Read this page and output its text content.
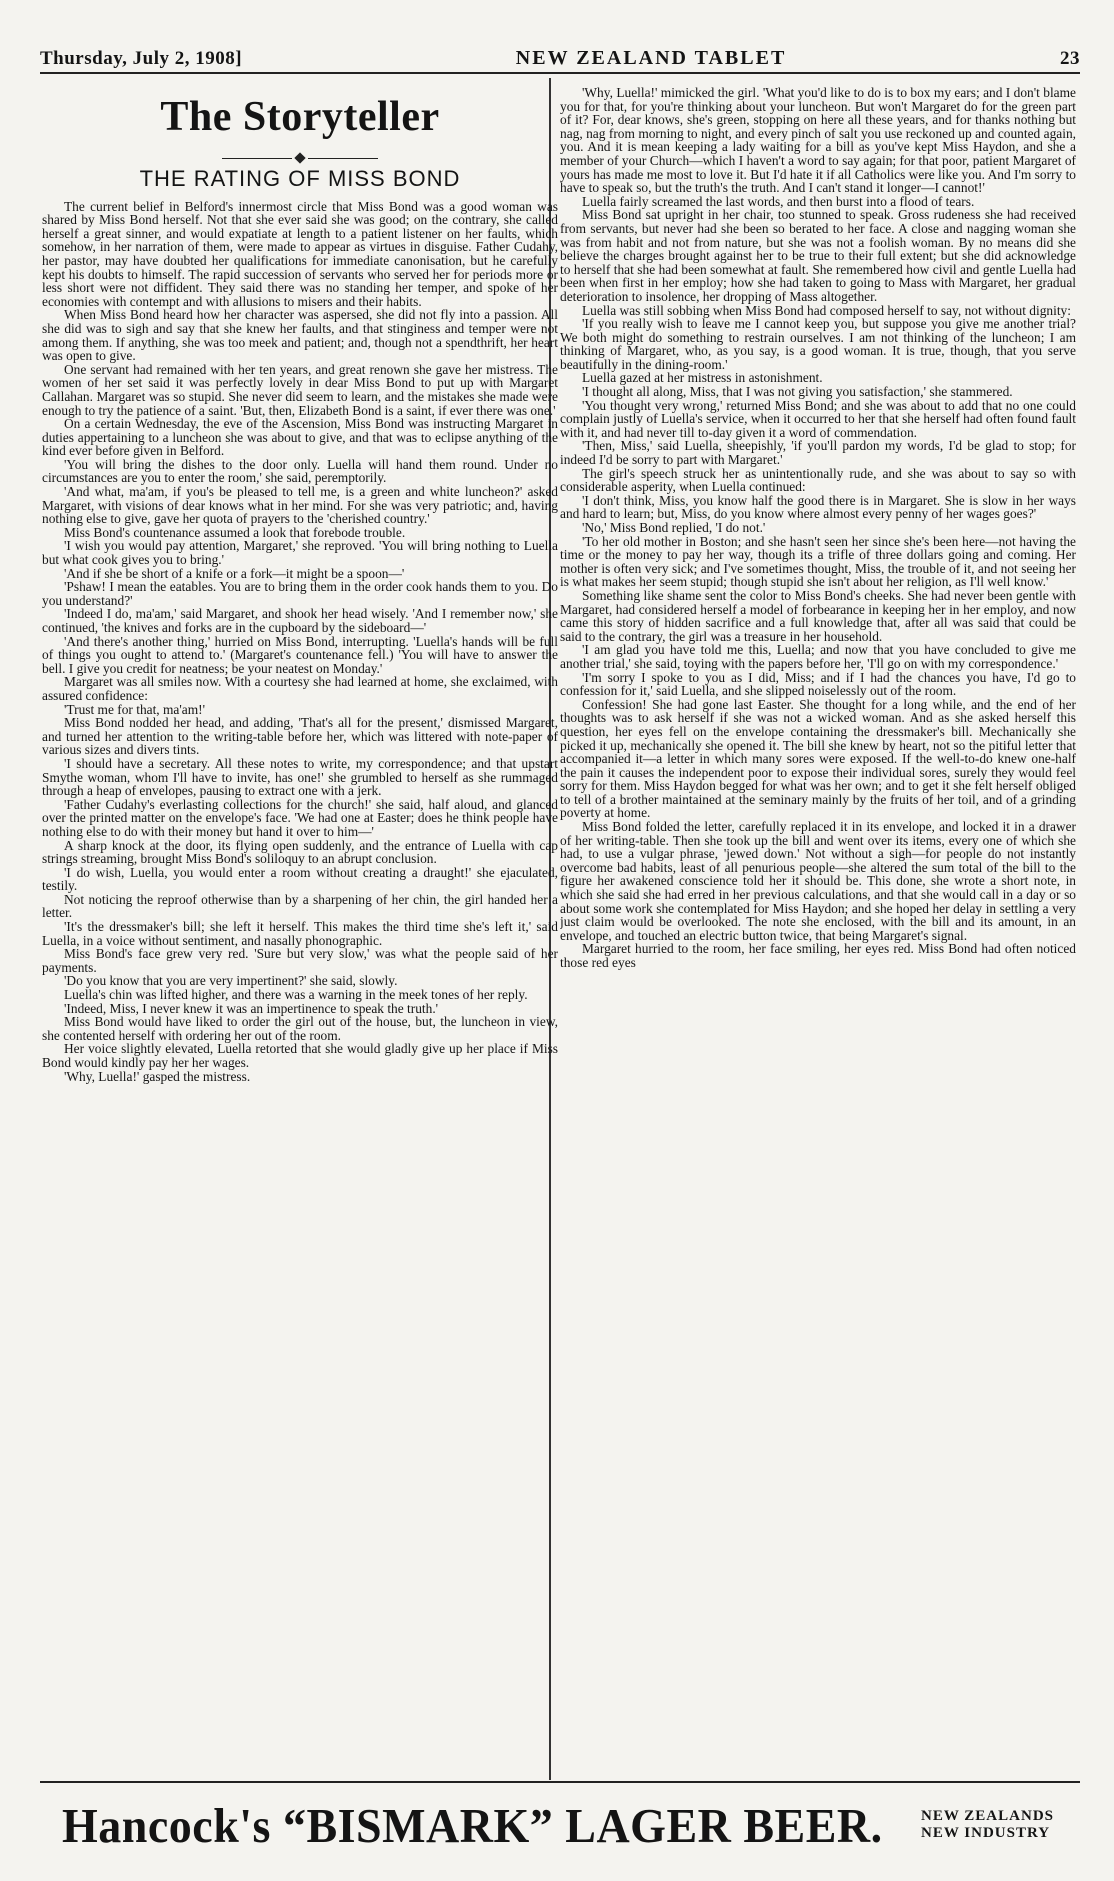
Thursday, July 2, 1908]	NEW ZEALAND TABLET	23
The Storyteller
THE RATING OF MISS BOND

The current belief in Belford's innermost circle that Miss Bond was a good woman was shared by Miss Bond herself. Not that she ever said she was good; on the contrary, she called herself a great sinner, and would expatiate at length to a patient listener on her faults, which somehow, in her narration of them, were made to appear as virtues in disguise. Father Cudahy, her pastor, may have doubted her qualifications for immediate canonisation, but he carefully kept his doubts to himself. The rapid succession of servants who served her for periods more or less short were not diffident. They said there was no standing her temper, and spoke of her economies with contempt and with allusions to misers and their habits.

When Miss Bond heard how her character was aspersed, she did not fly into a passion. All she did was to sigh and say that she knew her faults, and that stinginess and temper were not among them. If anything, she was too meek and patient; and, though not a spendthrift, her heart was open to give.

One servant had remained with her ten years, and great renown she gave her mistress. The women of her set said it was perfectly lovely in dear Miss Bond to put up with Margaret Callahan. Margaret was so stupid. She never did seem to learn, and the mistakes she made were enough to try the patience of a saint. 'But, then, Elizabeth Bond is a saint, if ever there was one.'

On a certain Wednesday, the eve of the Ascension, Miss Bond was instructing Margaret in duties appertaining to a luncheon she was about to give, and that was to eclipse anything of the kind ever before given in Belford.

'You will bring the dishes to the door only. Luella will hand them round. Under no circumstances are you to enter the room,' she said, peremptorily.

'And what, ma'am, if you's be pleased to tell me, is a green and white luncheon?' asked Margaret, with visions of dear knows what in her mind. For she was very patriotic; and, having nothing else to give, gave her quota of prayers to the 'cherished country.'

Miss Bond's countenance assumed a look that forebode trouble.

'I wish you would pay attention, Margaret,' she reproved. 'You will bring nothing to Luella but what cook gives you to bring.'

'And if she be short of a knife or a fork—it might be a spoon—'

'Pshaw! I mean the eatables. You are to bring them in the order cook hands them to you. Do you understand?'

'Indeed I do, ma'am,' said Margaret, and shook her head wisely. 'And I remember now,' she continued, 'the knives and forks are in the cupboard by the sideboard—'

'And there's another thing,' hurried on Miss Bond, interrupting. 'Luella's hands will be full of things you ought to attend to.' (Margaret's countenance fell.) 'You will have to answer the bell. I give you credit for neatness; be your neatest on Monday.'

Margaret was all smiles now. With a courtesy she had learned at home, she exclaimed, with assured confidence:

'Trust me for that, ma'am!'

Miss Bond nodded her head, and adding, 'That's all for the present,' dismissed Margaret, and turned her attention to the writing-table before her, which was littered with note-paper of various sizes and divers tints.

'I should have a secretary. All these notes to write, my correspondence; and that upstart Smythe woman, whom I'll have to invite, has one!' she grumbled to herself as she rummaged through a heap of envelopes, pausing to extract one with a jerk.

'Father Cudahy's everlasting collections for the church!' she said, half aloud, and glanced over the printed matter on the envelope's face. 'We had one at Easter; does he think people have nothing else to do with their money but hand it over to him—'

A sharp knock at the door, its flying open suddenly, and the entrance of Luella with cap strings streaming, brought Miss Bond's soliloquy to an abrupt conclusion.

'I do wish, Luella, you would enter a room without creating a draught!' she ejaculated, testily.

Not noticing the reproof otherwise than by a sharpening of her chin, the girl handed her a letter.

'It's the dressmaker's bill; she left it herself. This makes the third time she's left it,' said Luella, in a voice without sentiment, and nasally phonographic.

Miss Bond's face grew very red. 'Sure but very slow,' was what the people said of her payments.

'Do you know that you are very impertinent?' she said, slowly.

Luella's chin was lifted higher, and there was a warning in the meek tones of her reply.

'Indeed, Miss, I never knew it was an impertinence to speak the truth.'

Miss Bond would have liked to order the girl out of the house, but, the luncheon in view, she contented herself with ordering her out of the room.

Her voice slightly elevated, Luella retorted that she would gladly give up her place if Miss Bond would kindly pay her her wages.

'Why, Luella!' gasped the mistress.

'Why, Luella!' mimicked the girl. 'What you'd like to do is to box my ears; and I don't blame you for that, for you're thinking about your luncheon. But won't Margaret do for the green part of it? For, dear knows, she's green, stopping on here all these years, and for thanks nothing but nag, nag from morning to night, and every pinch of salt you use reckoned up and counted again, you. And it is mean keeping a lady waiting for a bill as you've kept Miss Haydon, and she a member of your Church—which I haven't a word to say again; for that poor, patient Margaret of yours has made me most to love it. But I'd hate it if all Catholics were like you. And I'm sorry to have to speak so, but the truth's the truth. And I can't stand it longer—I cannot!'

Luella fairly screamed the last words, and then burst into a flood of tears.

Miss Bond sat upright in her chair, too stunned to speak. Gross rudeness she had received from servants, but never had she been so berated to her face. A close and nagging woman she was from habit and not from nature, but she was not a foolish woman. By no means did she believe the charges brought against her to be true to their full extent; but she did acknowledge to herself that she had been somewhat at fault. She remembered how civil and gentle Luella had been when first in her employ; how she had taken to going to Mass with Margaret, her gradual deterioration to insolence, her dropping of Mass altogether.

Luella was still sobbing when Miss Bond had composed herself to say, not without dignity:

'If you really wish to leave me I cannot keep you, but suppose you give me another trial? We both might do something to restrain ourselves. I am not thinking of the luncheon; I am thinking of Margaret, who, as you say, is a good woman. It is true, though, that you serve beautifully in the dining-room.'

Luella gazed at her mistress in astonishment.

'I thought all along, Miss, that I was not giving you satisfaction,' she stammered.

'You thought very wrong,' returned Miss Bond; and she was about to add that no one could complain justly of Luella's service, when it occurred to her that she herself had often found fault with it, and had never till to-day given it a word of commendation.

'Then, Miss,' said Luella, sheepishly, 'if you'll pardon my words, I'd be glad to stop; for indeed I'd be sorry to part with Margaret.'

The girl's speech struck her as unintentionally rude, and she was about to say so with considerable asperity, when Luella continued:

'I don't think, Miss, you know half the good there is in Margaret. She is slow in her ways and hard to learn; but, Miss, do you know where almost every penny of her wages goes?'

'No,' Miss Bond replied, 'I do not.'

'To her old mother in Boston; and she hasn't seen her since she's been here—not having the time or the money to pay her way, though its a trifle of three dollars going and coming. Her mother is often very sick; and I've sometimes thought, Miss, the trouble of it, and not seeing her is what makes her seem stupid; though stupid she isn't about her religion, as I'll well know.'

Something like shame sent the color to Miss Bond's cheeks. She had never been gentle with Margaret, had considered herself a model of forbearance in keeping her in her employ, and now came this story of hidden sacrifice and a full knowledge that, after all was said that could be said to the contrary, the girl was a treasure in her household.

'I am glad you have told me this, Luella; and now that you have concluded to give me another trial,' she said, toying with the papers before her, 'I'll go on with my correspondence.'

'I'm sorry I spoke to you as I did, Miss; and if I had the chances you have, I'd go to confession for it,' said Luella, and she slipped noiselessly out of the room.

Confession! She had gone last Easter. She thought for a long while, and the end of her thoughts was to ask herself if she was not a wicked woman. And as she asked herself this question, her eyes fell on the envelope containing the dressmaker's bill. Mechanically she picked it up, mechanically she opened it. The bill she knew by heart, not so the pitiful letter that accompanied it—a letter in which many sores were exposed. If the well-to-do knew one-half the pain it causes the independent poor to expose their individual sores, surely they would feel sorry for them. Miss Haydon begged for what was her own; and to get it she felt herself obliged to tell of a brother maintained at the seminary mainly by the fruits of her toil, and of a grinding poverty at home.

Miss Bond folded the letter, carefully replaced it in its envelope, and locked it in a drawer of her writing-table. Then she took up the bill and went over its items, every one of which she had, to use a vulgar phrase, 'jewed down.' Not without a sigh—for people do not instantly overcome bad habits, least of all penurious people—she altered the sum total of the bill to the figure her awakened conscience told her it should be. This done, she wrote a short note, in which she said she had erred in her previous calculations, and that she would call in a day or so about some work she contemplated for Miss Haydon; and she hoped her delay in settling a very just claim would be overlooked. The note she enclosed, with the bill and its amount, in an envelope, and touched an electric button twice, that being Margaret's signal.

Margaret hurried to the room, her face smiling, her eyes red. Miss Bond had often noticed those red eyes

Hancock's “BISMARK” LAGER BEER.	NEW ZEALANDS
NEW INDUSTRY
